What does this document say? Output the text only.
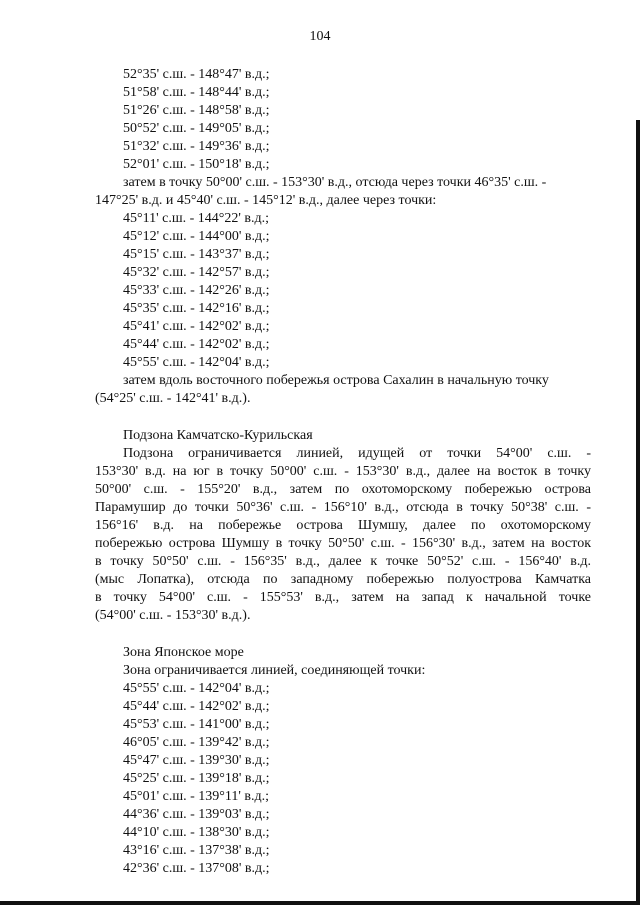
104
52°35' с.ш. - 148°47' в.д.;
51°58' с.ш. - 148°44' в.д.;
51°26' с.ш. - 148°58' в.д.;
50°52' с.ш. - 149°05' в.д.;
51°32' с.ш. - 149°36' в.д.;
52°01' с.ш. - 150°18' в.д.;
затем в точку 50°00' с.ш. - 153°30' в.д., отсюда через точки 46°35' с.ш. -
147°25' в.д. и 45°40' с.ш. - 145°12' в.д., далее через точки:
45°11' с.ш. - 144°22' в.д.;
45°12' с.ш. - 144°00' в.д.;
45°15' с.ш. - 143°37' в.д.;
45°32' с.ш. - 142°57' в.д.;
45°33' с.ш. - 142°26' в.д.;
45°35' с.ш. - 142°16' в.д.;
45°41' с.ш. - 142°02' в.д.;
45°44' с.ш. - 142°02' в.д.;
45°55' с.ш. - 142°04' в.д.;
затем вдоль восточного побережья острова Сахалин в начальную точку
(54°25' с.ш. - 142°41' в.д.).
Подзона Камчатско-Курильская
Подзона ограничивается линией, идущей от точки 54°00' с.ш. -
153°30' в.д. на юг в точку 50°00' с.ш. - 153°30' в.д., далее на восток в точку
50°00' с.ш. - 155°20' в.д., затем по охотоморскому побережью острова
Парамушир до точки 50°36' с.ш. - 156°10' в.д., отсюда в точку 50°38' с.ш. -
156°16' в.д. на побережье острова Шумшу, далее по охотоморскому
побережью острова Шумшу в точку 50°50' с.ш. - 156°30' в.д., затем на восток
в точку 50°50' с.ш. - 156°35' в.д., далее к точке 50°52' с.ш. - 156°40' в.д.
(мыс Лопатка), отсюда по западному побережью полуострова Камчатка
в точку 54°00' с.ш. - 155°53' в.д., затем на запад к начальной точке
(54°00' с.ш. - 153°30' в.д.).
Зона Японское море
Зона ограничивается линией, соединяющей точки:
45°55' с.ш. - 142°04' в.д.;
45°44' с.ш. - 142°02' в.д.;
45°53' с.ш. - 141°00' в.д.;
46°05' с.ш. - 139°42' в.д.;
45°47' с.ш. - 139°30' в.д.;
45°25' с.ш. - 139°18' в.д.;
45°01' с.ш. - 139°11' в.д.;
44°36' с.ш. - 139°03' в.д.;
44°10' с.ш. - 138°30' в.д.;
43°16' с.ш. - 137°38' в.д.;
42°36' с.ш. - 137°08' в.д.;
